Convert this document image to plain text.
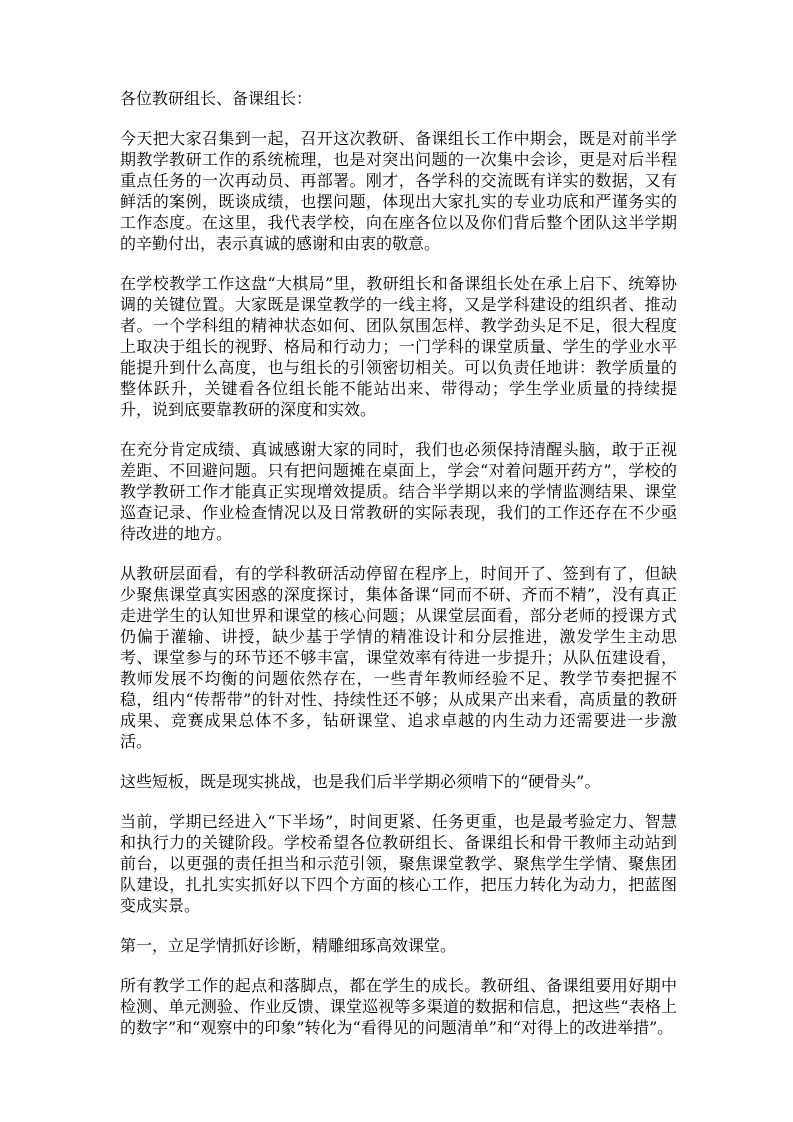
各位教研组长、备课组长：

今天把大家召集到一起，召开这次教研、备课组长工作中期会，既是对前半学期教学教研工作的系统梳理，也是对突出问题的一次集中会诊，更是对后半程重点任务的一次再动员、再部署。刚才，各学科的交流既有详实的数据，又有鲜活的案例，既谈成绩，也摆问题，体现出大家扎实的专业功底和严谨务实的工作态度。在这里，我代表学校，向在座各位以及你们背后整个团队这半学期的辛勤付出，表示真诚的感谢和由衷的敬意。

在学校教学工作这盘“大棋局”里，教研组长和备课组长处在承上启下、统筹协调的关键位置。大家既是课堂教学的一线主将，又是学科建设的组织者、推动者。一个学科组的精神状态如何、团队氛围怎样、教学劲头足不足，很大程度上取决于组长的视野、格局和行动力；一门学科的课堂质量、学生的学业水平能提升到什么高度，也与组长的引领密切相关。可以负责任地讲：教学质量的整体跃升，关键看各位组长能不能站出来、带得动；学生学业质量的持续提升，说到底要靠教研的深度和实效。

在充分肯定成绩、真诚感谢大家的同时，我们也必须保持清醒头脑，敢于正视差距、不回避问题。只有把问题摊在桌面上，学会“对着问题开药方”，学校的教学教研工作才能真正实现增效提质。结合半学期以来的学情监测结果、课堂巡查记录、作业检查情况以及日常教研的实际表现，我们的工作还存在不少亟待改进的地方。

从教研层面看，有的学科教研活动停留在程序上，时间开了、签到有了，但缺少聚焦课堂真实困惑的深度探讨，集体备课“同而不研、齐而不精”，没有真正走进学生的认知世界和课堂的核心问题；从课堂层面看，部分老师的授课方式仍偏于灌输、讲授，缺少基于学情的精准设计和分层推进，激发学生主动思考、课堂参与的环节还不够丰富，课堂效率有待进一步提升；从队伍建设看，教师发展不均衡的问题依然存在，一些青年教师经验不足、教学节奏把握不稳，组内“传帮带”的针对性、持续性还不够；从成果产出来看，高质量的教研成果、竞赛成果总体不多，钻研课堂、追求卓越的内生动力还需要进一步激活。

这些短板，既是现实挑战，也是我们后半学期必须啃下的“硬骨头”。

当前，学期已经进入“下半场”，时间更紧、任务更重，也是最考验定力、智慧和执行力的关键阶段。学校希望各位教研组长、备课组长和骨干教师主动站到前台，以更强的责任担当和示范引领，聚焦课堂教学、聚焦学生学情、聚焦团队建设，扎扎实实抓好以下四个方面的核心工作，把压力转化为动力，把蓝图变成实景。

第一，立足学情抓好诊断，精雕细琢高效课堂。

所有教学工作的起点和落脚点，都在学生的成长。教研组、备课组要用好期中检测、单元测验、作业反馈、课堂巡视等多渠道的数据和信息，把这些“表格上的数字”和“观察中的印象”转化为“看得见的问题清单”和“对得上的改进举措”。
